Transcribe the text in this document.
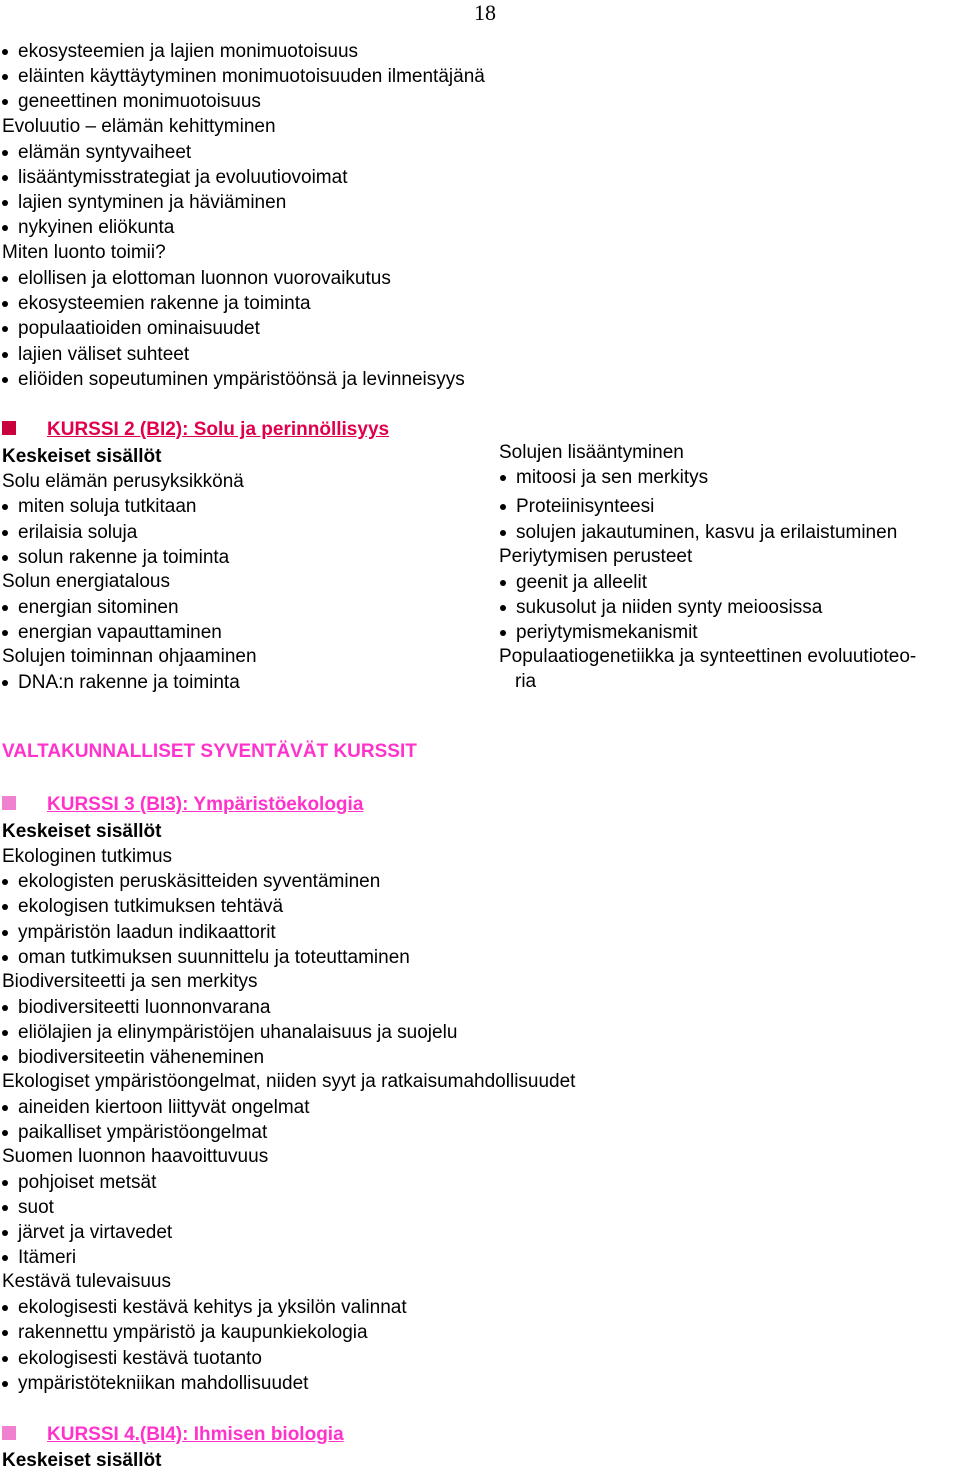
18
ekosysteemien ja lajien monimuotoisuus
eläinten käyttäytyminen monimuotoisuuden ilmentäjänä
geneettinen monimuotoisuus
Evoluutio – elämän kehittyminen
elämän syntyvaiheet
lisääntymisstrategiat ja evoluutiovoimat
lajien syntyminen ja häviäminen
nykyinen eliökunta
Miten luonto toimii?
elollisen ja elottoman luonnon vuorovaikutus
ekosysteemien rakenne ja toiminta
populaatioiden ominaisuudet
lajien väliset suhteet
eliöiden sopeutuminen ympäristöönsä ja levinneisyys
KURSSI 2 (BI2): Solu ja perinnöllisyys
Keskeiset sisällöt
Solu elämän perusyksikkönä
miten soluja tutkitaan
erilaisia soluja
solun rakenne ja toiminta
Solun energiatalous
energian sitominen
energian vapauttaminen
Solujen toiminnan ohjaaminen
DNA:n rakenne ja toiminta
Solujen lisääntyminen
mitoosi ja sen merkitys
Proteiinisynteesi
solujen jakautuminen, kasvu ja erilaistuminen
Periytymisen perusteet
geenit ja alleelit
sukusolut ja niiden synty meioosissa
periytymismekanismit
Populaatiogenetiikka ja synteettinen evoluutioteo-
ria
VALTAKUNNALLISET SYVENTÄVÄT KURSSIT
KURSSI 3 (BI3): Ympäristöekologia
Keskeiset sisällöt
Ekologinen tutkimus
ekologisten peruskäsitteiden syventäminen
ekologisen tutkimuksen tehtävä
ympäristön laadun indikaattorit
oman tutkimuksen suunnittelu ja toteuttaminen
Biodiversiteetti ja sen merkitys
biodiversiteetti luonnonvarana
eliölajien ja elinympäristöjen uhanalaisuus ja suojelu
biodiversiteetin väheneminen
Ekologiset ympäristöongelmat, niiden syyt ja ratkaisumahdollisuudet
aineiden kiertoon liittyvät ongelmat
paikalliset ympäristöongelmat
Suomen luonnon haavoittuvuus
pohjoiset metsät
suot
järvet ja virtavedet
Itämeri
Kestävä tulevaisuus
ekologisesti kestävä kehitys ja yksilön valinnat
rakennettu ympäristö ja kaupunkiekologia
ekologisesti kestävä tuotanto
ympäristötekniikan mahdollisuudet
KURSSI 4.(BI4): Ihmisen biologia
Keskeiset sisällöt
